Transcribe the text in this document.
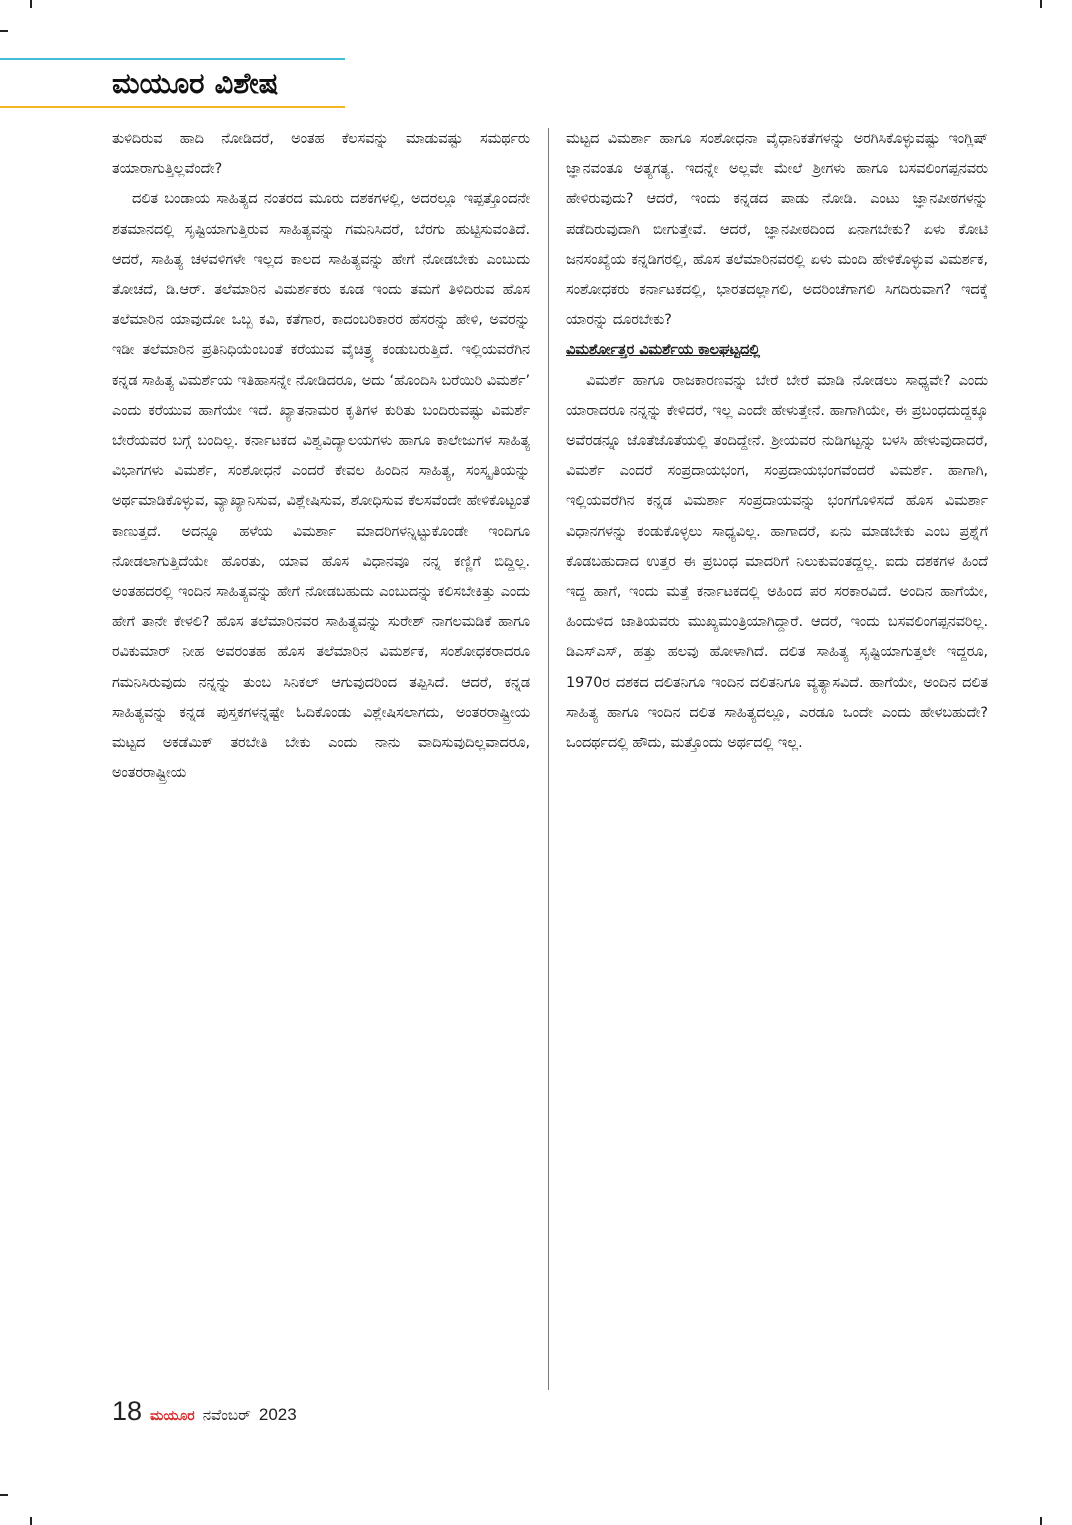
ಮಯೂರ ವಿಶೇಷ

ತುಳಿದಿರುವ ಹಾದಿ ನೋಡಿದರೆ, ಅಂತಹ ಕೆಲಸವನ್ನು ಮಾಡುವಷ್ಟು ಸಮರ್ಥರು ತಯಾರಾಗುತ್ತಿಲ್ಲವೆಂದೇ?

ದಲಿತ ಬಂಡಾಯ ಸಾಹಿತ್ಯದ ನಂತರದ ಮೂರು ದಶಕಗಳಲ್ಲಿ, ಅದರಲ್ಲೂ ಇಪ್ಪತ್ತೊಂದನೇ ಶತಮಾನದಲ್ಲಿ ಸೃಷ್ಟಿಯಾಗುತ್ತಿರುವ ಸಾಹಿತ್ಯವನ್ನು ಗಮನಿಸಿದರೆ, ಬೆರಗು ಹುಟ್ಟಿಸುವಂತಿದೆ. ಆದರೆ, ಸಾಹಿತ್ಯ ಚಳವಳಿಗಳೇ ಇಲ್ಲದ ಕಾಲದ ಸಾಹಿತ್ಯವನ್ನು ಹೇಗೆ ನೋಡಬೇಕು ಎಂಬುದು ತೋಚದೆ, ಡಿ.ಆರ್. ತಲೆಮಾರಿನ ವಿಮರ್ಶಕರು ಕೂಡ ಇಂದು ತಮಗೆ ತಿಳಿದಿರುವ ಹೊಸ ತಲೆಮಾರಿನ ಯಾವುದೋ ಒಬ್ಬ ಕವಿ, ಕತೆಗಾರ, ಕಾದಂಬರಿಕಾರರ ಹೆಸರನ್ನು ಹೇಳಿ, ಅವರನ್ನು ಇಡೀ ತಲೆಮಾರಿನ ಪ್ರತಿನಿಧಿಯೆಂಬಂತೆ ಕರೆಯುವ ವೈಚಿತ್ರ್ಯ ಕಂಡುಬರುತ್ತಿದೆ. ಇಲ್ಲಿಯವರೆಗಿನ ಕನ್ನಡ ಸಾಹಿತ್ಯ ವಿಮರ್ಶೆಯ ಇತಿಹಾಸನ್ನೇ ನೋಡಿದರೂ, ಅದು ‘ಹೊಂದಿಸಿ ಬರೆಯಿರಿ ವಿಮರ್ಶೆ’ ಎಂದು ಕರೆಯುವ ಹಾಗೆಯೇ ಇದೆ. ಖ್ಯಾತನಾಮರ ಕೃತಿಗಳ ಕುರಿತು ಬಂದಿರುವಷ್ಟು ವಿಮರ್ಶೆ ಬೇರೆಯವರ ಬಗ್ಗೆ ಬಂದಿಲ್ಲ. ಕರ್ನಾಟಕದ ವಿಶ್ವವಿದ್ಯಾಲಯಗಳು ಹಾಗೂ ಕಾಲೇಜುಗಳ ಸಾಹಿತ್ಯ ವಿಭಾಗಗಳು ವಿಮರ್ಶೆ, ಸಂಶೋಧನೆ ಎಂದರೆ ಕೇವಲ ಹಿಂದಿನ ಸಾಹಿತ್ಯ, ಸಂಸ್ಕೃತಿಯನ್ನು ಅರ್ಥಮಾಡಿಕೊಳ್ಳುವ, ವ್ಯಾಖ್ಯಾನಿಸುವ, ವಿಶ್ಲೇಷಿಸುವ, ಶೋಧಿಸುವ ಕೆಲಸವೆಂದೇ ಹೇಳಿಕೊಟ್ಟಂತೆ ಕಾಣುತ್ತದೆ. ಅದನ್ನೂ ಹಳೆಯ ವಿಮರ್ಶಾ ಮಾದರಿಗಳನ್ನಿಟ್ಟುಕೊಂಡೇ ಇಂದಿಗೂ ನೋಡಲಾಗುತ್ತಿದೆಯೇ ಹೊರತು, ಯಾವ ಹೊಸ ವಿಧಾನವೂ ನನ್ನ ಕಣ್ಣಿಗೆ ಬಿದ್ದಿಲ್ಲ. ಅಂತಹದರಲ್ಲಿ ಇಂದಿನ ಸಾಹಿತ್ಯವನ್ನು ಹೇಗೆ ನೋಡಬಹುದು ಎಂಬುದನ್ನು ಕಲಿಸಬೇಕಿತ್ತು ಎಂದು ಹೇಗೆ ತಾನೇ ಕೇಳಲಿ? ಹೊಸ ತಲೆಮಾರಿನವರ ಸಾಹಿತ್ಯವನ್ನು ಸುರೇಶ್ ನಾಗಲಮಡಿಕೆ ಹಾಗೂ ರವಿಕುಮಾರ್ ನೀಹ ಅವರಂತಹ ಹೊಸ ತಲೆಮಾರಿನ ವಿಮರ್ಶಕ, ಸಂಶೋಧಕರಾದರೂ ಗಮನಿಸಿರುವುದು ನನ್ನನ್ನು ತುಂಬ ಸಿನಿಕಲ್ ಆಗುವುದರಿಂದ ತಪ್ಪಿಸಿದೆ. ಆದರೆ, ಕನ್ನಡ ಸಾಹಿತ್ಯವನ್ನು ಕನ್ನಡ ಪುಸ್ತಕಗಳನ್ನಷ್ಟೇ ಓದಿಕೊಂಡು ವಿಶ್ಲೇಷಿಸಲಾಗದು, ಅಂತರರಾಷ್ಟ್ರೀಯ ಮಟ್ಟದ ಅಕಡೆಮಿಕ್ ತರಬೇತಿ ಬೇಕು ಎಂದು ನಾನು ವಾದಿಸುವುದಿಲ್ಲವಾದರೂ, ಅಂತರರಾಷ್ಟ್ರೀಯ

ಮಟ್ಟದ ವಿಮರ್ಶಾ ಹಾಗೂ ಸಂಶೋಧನಾ ವೈಧಾನಿಕತೆಗಳನ್ನು ಅರಗಿಸಿಕೊಳ್ಳುವಷ್ಟು ಇಂಗ್ಲಿಷ್ ಜ್ಞಾನವಂತೂ ಅತ್ಯಗತ್ಯ. ಇದನ್ನೇ ಅಲ್ಲವೇ ಮೇಲೆ ಶ್ರೀಗಳು ಹಾಗೂ ಬಸವಲಿಂಗಪ್ಪನವರು ಹೇಳಿರುವುದು? ಆದರೆ, ಇಂದು ಕನ್ನಡದ ಪಾಡು ನೋಡಿ. ಎಂಟು ಜ್ಞಾನಪೀಠಗಳನ್ನು ಪಡೆದಿರುವುದಾಗಿ ಬೀಗುತ್ತೇವೆ. ಆದರೆ, ಜ್ಞಾನಪೀಠದಿಂದ ಏನಾಗಬೇಕು? ಏಳು ಕೋಟಿ ಜನಸಂಖ್ಯೆಯ ಕನ್ನಡಿಗರಲ್ಲಿ, ಹೊಸ ತಲೆಮಾರಿನವರಲ್ಲಿ ಏಳು ಮಂದಿ ಹೇಳಿಕೊಳ್ಳುವ ವಿಮರ್ಶಕ, ಸಂಶೋಧಕರು ಕರ್ನಾಟಕದಲ್ಲಿ, ಭಾರತದಲ್ಲಾಗಲಿ, ಅದರಿಂಚೆಗಾಗಲಿ ಸಿಗದಿರುವಾಗ? ಇದಕ್ಕೆ ಯಾರನ್ನು ದೂರಬೇಕು?

ವಿಮರ್ಶೋತ್ತರ ವಿಮರ್ಶೆಯ ಕಾಲಘಟ್ಟದಲ್ಲಿ

ವಿಮರ್ಶೆ ಹಾಗೂ ರಾಜಕಾರಣವನ್ನು ಬೇರೆ ಬೇರೆ ಮಾಡಿ ನೋಡಲು ಸಾಧ್ಯವೇ? ಎಂದು ಯಾರಾದರೂ ನನ್ನನ್ನು ಕೇಳಿದರೆ, ಇಲ್ಲ ಎಂದೇ ಹೇಳುತ್ತೇನೆ. ಹಾಗಾಗಿಯೇ, ಈ ಪ್ರಬಂಧದುದ್ದಕ್ಕೂ ಅವೆರಡನ್ನೂ ಜೊತೆಜೊತೆಯಲ್ಲಿ ತಂದಿದ್ದೇನೆ. ಶ್ರೀಯವರ ನುಡಿಗಟ್ಟನ್ನು ಬಳಸಿ ಹೇಳುವುದಾದರೆ, ವಿಮರ್ಶೆ ಎಂದರೆ ಸಂಪ್ರದಾಯಭಂಗ, ಸಂಪ್ರದಾಯಭಂಗವೆಂದರೆ ವಿಮರ್ಶೆ. ಹಾಗಾಗಿ, ಇಲ್ಲಿಯವರೆಗಿನ ಕನ್ನಡ ವಿಮರ್ಶಾ ಸಂಪ್ರದಾಯವನ್ನು ಭಂಗಗೊಳಿಸದೆ ಹೊಸ ವಿಮರ್ಶಾ ವಿಧಾನಗಳನ್ನು ಕಂಡುಕೊಳ್ಳಲು ಸಾಧ್ಯವಿಲ್ಲ. ಹಾಗಾದರೆ, ಏನು ಮಾಡಬೇಕು ಎಂಬ ಪ್ರಶ್ನೆಗೆ ಕೊಡಬಹುದಾದ ಉತ್ತರ ಈ ಪ್ರಬಂಧ ಮಾದರಿಗೆ ನಿಲುಕುವಂತದ್ದಲ್ಲ. ಐದು ದಶಕಗಳ ಹಿಂದೆ ಇದ್ದ ಹಾಗೆ, ಇಂದು ಮತ್ತೆ ಕರ್ನಾಟಕದಲ್ಲಿ ಅಹಿಂದ ಪರ ಸರಕಾರವಿದೆ. ಅಂದಿನ ಹಾಗೆಯೇ, ಹಿಂದುಳಿದ ಜಾತಿಯವರು ಮುಖ್ಯಮಂತ್ರಿಯಾಗಿದ್ದಾರೆ. ಆದರೆ, ಇಂದು ಬಸವಲಿಂಗಪ್ಪನವರಿಲ್ಲ. ಡಿಎಸ್‌ಎಸ್, ಹತ್ತು ಹಲವು ಹೋಳಾಗಿದೆ. ದಲಿತ ಸಾಹಿತ್ಯ ಸೃಷ್ಟಿಯಾಗುತ್ತಲೇ ಇದ್ದರೂ, 1970ರ ದಶಕದ ದಲಿತನಿಗೂ ಇಂದಿನ ದಲಿತನಿಗೂ ವ್ಯತ್ಯಾಸವಿದೆ. ಹಾಗೆಯೇ, ಅಂದಿನ ದಲಿತ ಸಾಹಿತ್ಯ ಹಾಗೂ ಇಂದಿನ ದಲಿತ ಸಾಹಿತ್ಯದಲ್ಲೂ, ಎರಡೂ ಒಂದೇ ಎಂದು ಹೇಳಬಹುದೇ? ಒಂದರ್ಥದಲ್ಲಿ ಹೌದು, ಮತ್ತೊಂದು ಅರ್ಥದಲ್ಲಿ ಇಲ್ಲ.

18 ಮಯೂರ ನವೆಂಬರ್ 2023
